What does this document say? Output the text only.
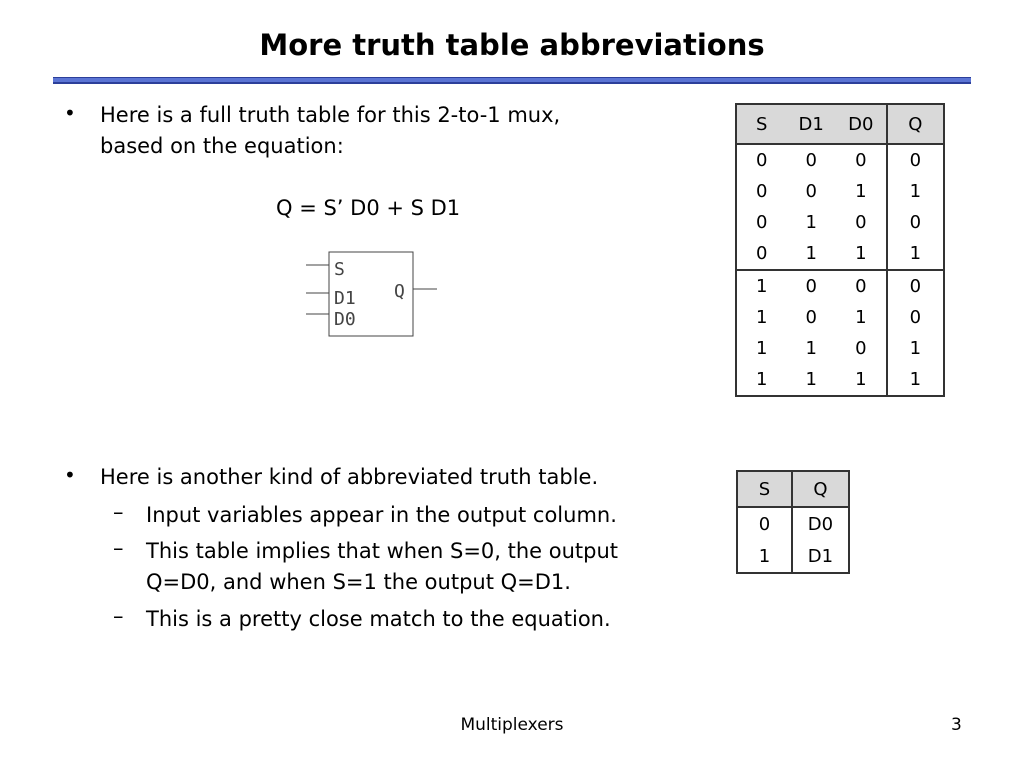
More truth table abbreviations
• Here is a full truth table for this 2-to-1 mux,
based on the equation:
Q = S’ D0 + S D1
S
D1
D0
Q
S	D1	D0	Q
0	0	0	0
0	0	1	1
0	1	0	0
0	1	1	1
1	0	0	0
1	0	1	0
1	1	0	1
1	1	1	1
• Here is another kind of abbreviated truth table.
– Input variables appear in the output column.
– This table implies that when S=0, the output
Q=D0, and when S=1 the output Q=D1.
– This is a pretty close match to the equation.
S	Q
0	D0
1	D1
Multiplexers	3
